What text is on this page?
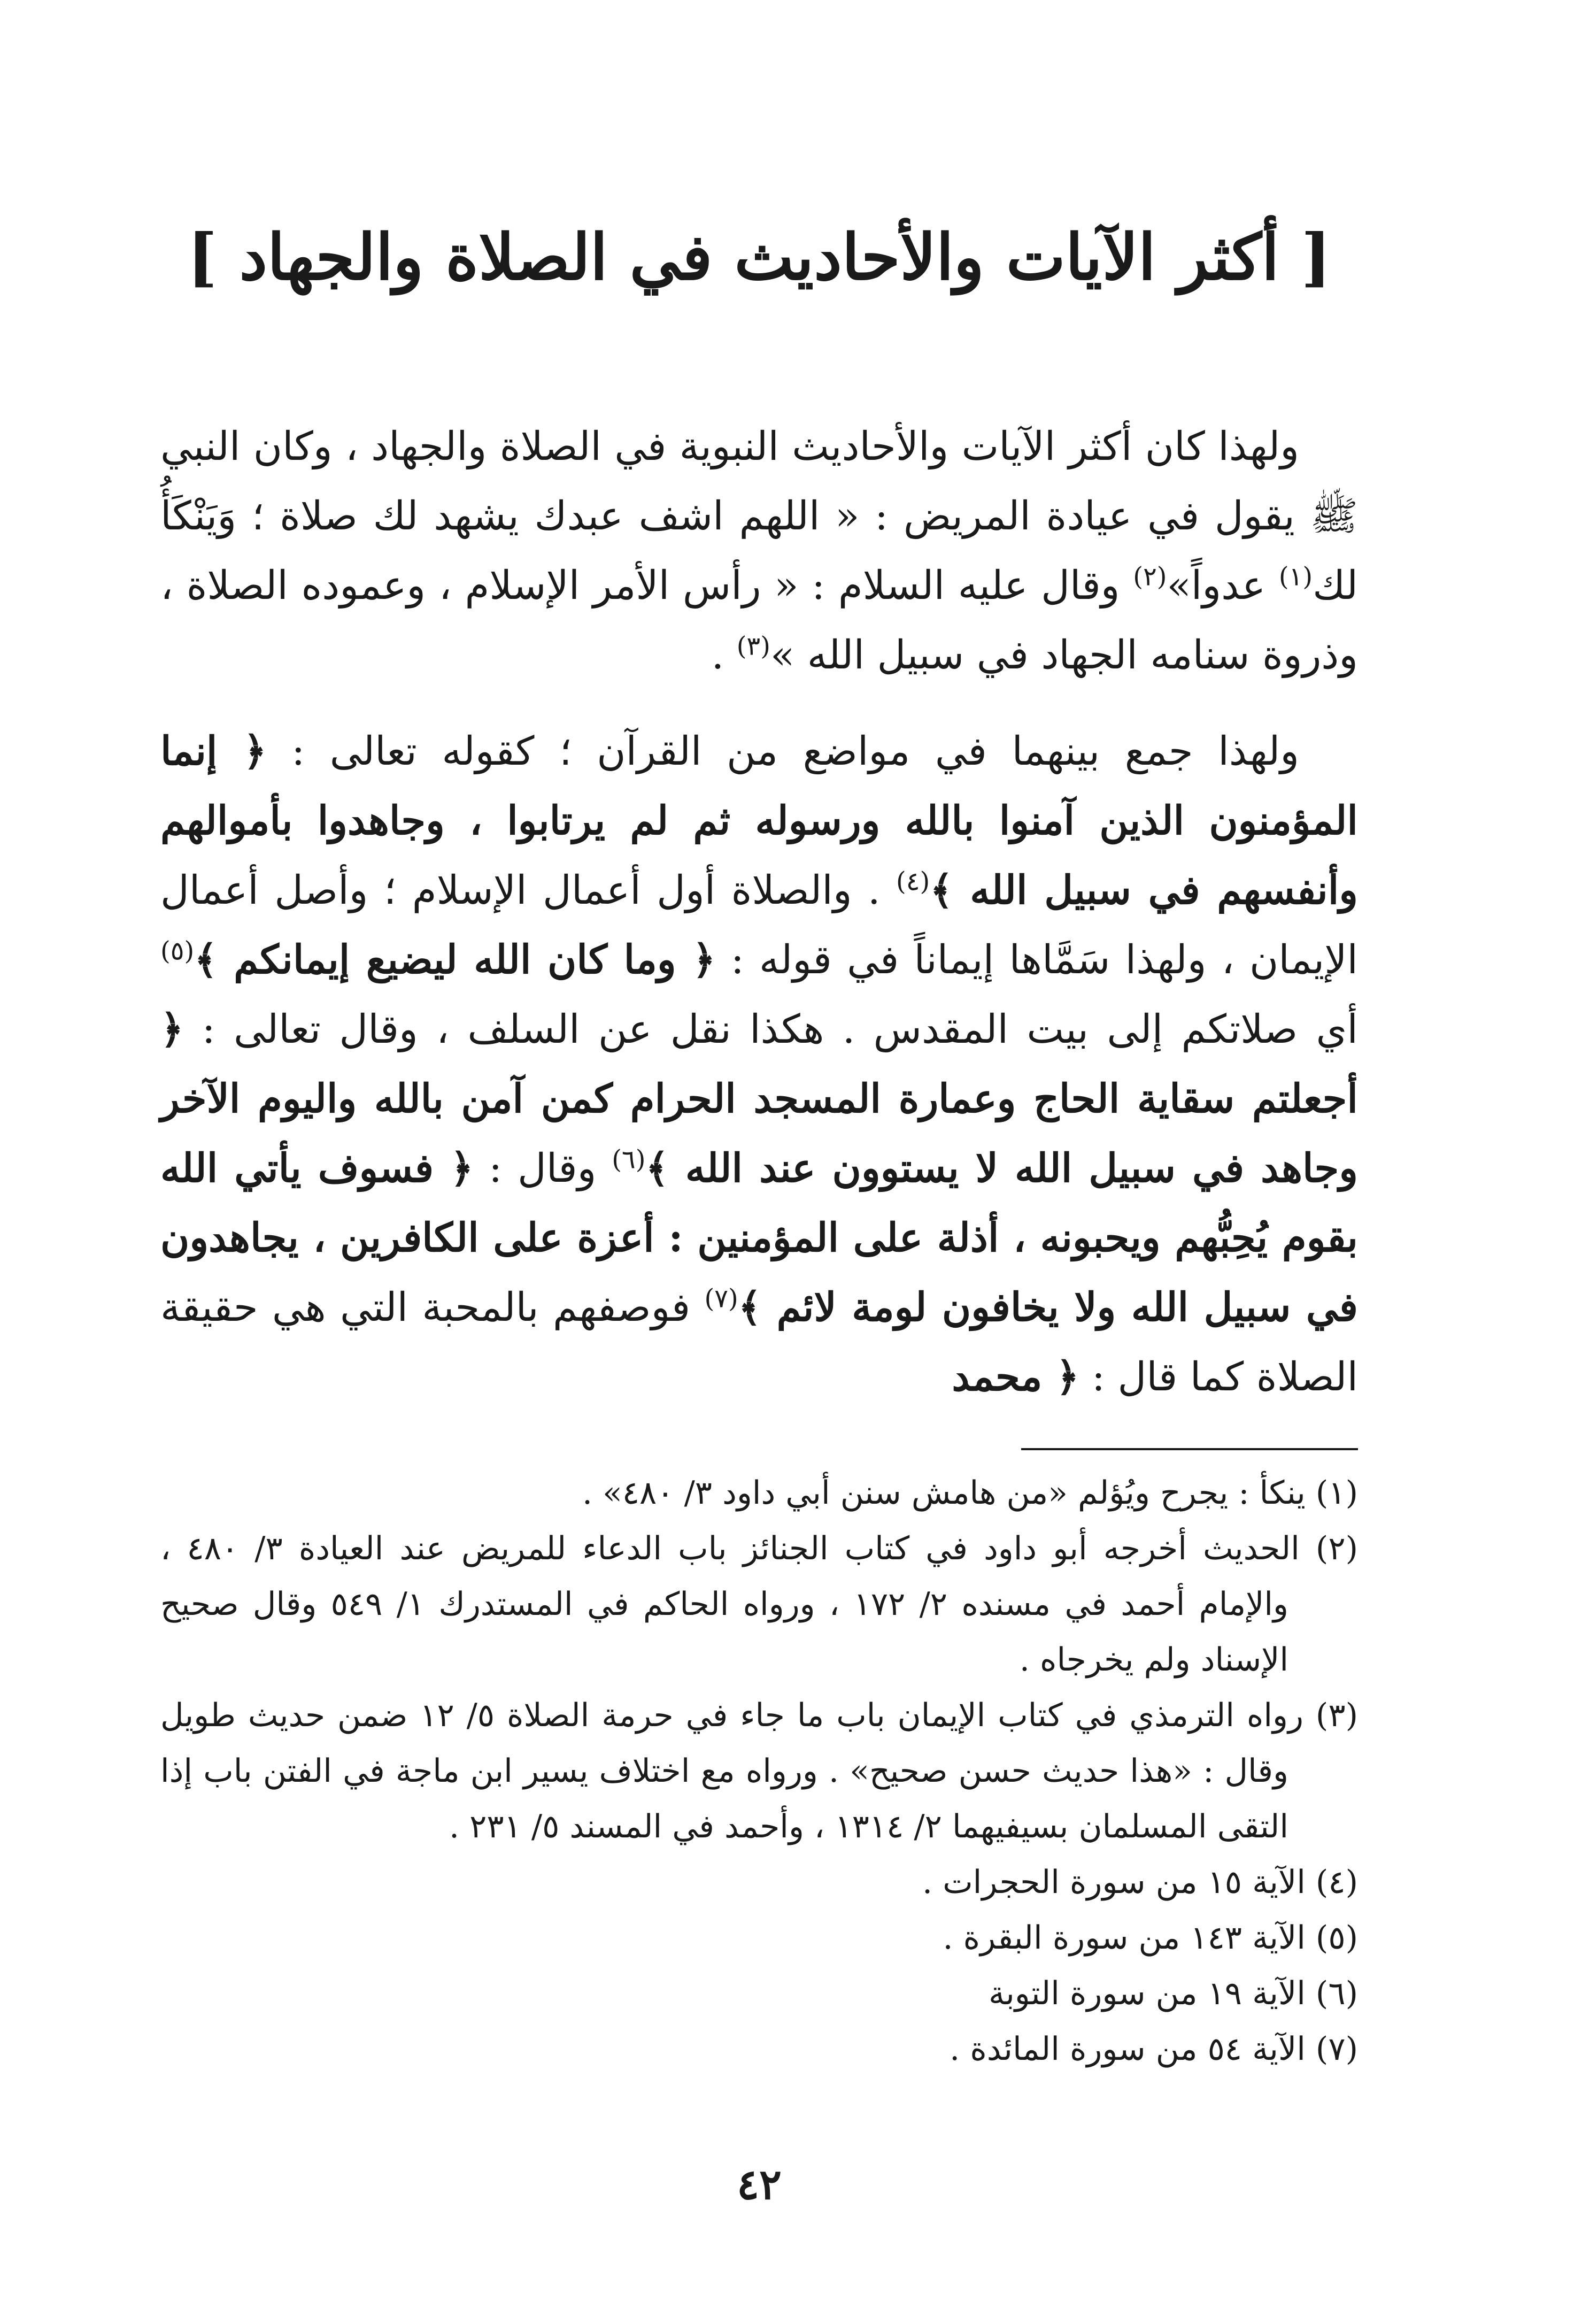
[ أكثر الآيات والأحاديث في الصلاة والجهاد ]

ولهذا كان أكثر الآيات والأحاديث النبوية في الصلاة والجهاد ، وكان النبي ﷺ يقول في عيادة المريض : « اللهم اشف عبدك يشهد لك صلاة ؛ وَيَنْكَأُ لك$^{(١)}$ عدواً»$^{(٢)}$ وقال عليه السلام : « رأس الأمر الإسلام ، وعموده الصلاة ، وذروة سنامه الجهاد في سبيل الله »$^{(٣)}$ .

ولهذا جمع بينهما في مواضع من القرآن ؛ كقوله تعالى : ﴿ إنما المؤمنون الذين آمنوا بالله ورسوله ثم لم يرتابوا ، وجاهدوا بأموالهم وأنفسهم في سبيل الله ﴾$^{(٤)}$ . والصلاة أول أعمال الإسلام ؛ وأصل أعمال الإيمان ، ولهذا سَمَّاها إيماناً في قوله : ﴿ وما كان الله ليضيع إيمانكم ﴾$^{(٥)}$ أي صلاتكم إلى بيت المقدس . هكذا نقل عن السلف ، وقال تعالى : ﴿ أجعلتم سقاية الحاج وعمارة المسجد الحرام كمن آمن بالله واليوم الآخر وجاهد في سبيل الله لا يستوون عند الله ﴾$^{(٦)}$ وقال : ﴿ فسوف يأتي الله بقوم يُحِبُّهم ويحبونه ، أذلة على المؤمنين : أعزة على الكافرين ، يجاهدون في سبيل الله ولا يخافون لومة لائم ﴾$^{(٧)}$ فوصفهم بالمحبة التي هي حقيقة الصلاة كما قال : ﴿ محمد

(١) ينكأ : يجرح ويُؤلم «من هامش سنن أبي داود ٣/ ٤٨٠» .
(٢) الحديث أخرجه أبو داود في كتاب الجنائز باب الدعاء للمريض عند العيادة ٣/ ٤٨٠ ، والإمام أحمد في مسنده ٢/ ١٧٢ ، ورواه الحاكم في المستدرك ١/ ٥٤٩ وقال صحيح الإسناد ولم يخرجاه .
(٣) رواه الترمذي في كتاب الإيمان باب ما جاء في حرمة الصلاة ٥/ ١٢ ضمن حديث طويل وقال : «هذا حديث حسن صحيح» . ورواه مع اختلاف يسير ابن ماجة في الفتن باب إذا التقى المسلمان بسيفيهما ٢/ ١٣١٤ ، وأحمد في المسند ٥/ ٢٣١ .
(٤) الآية ١٥ من سورة الحجرات .
(٥) الآية ١٤٣ من سورة البقرة .
(٦) الآية ١٩ من سورة التوبة
(٧) الآية ٥٤ من سورة المائدة .
٤٢
